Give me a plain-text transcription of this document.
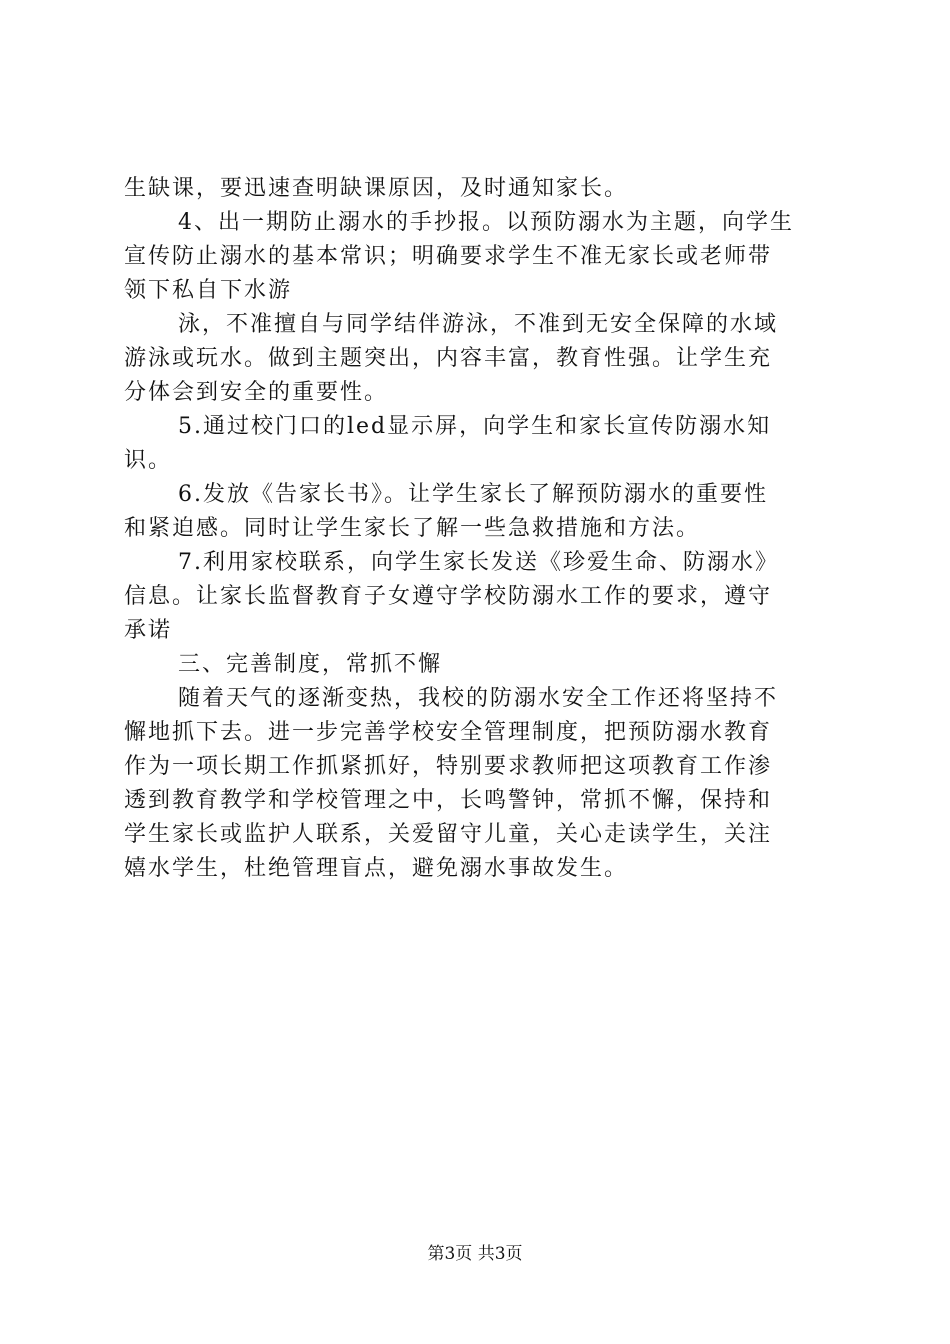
生缺课，要迅速查明缺课原因，及时通知家长。
4、出一期防止溺水的手抄报。以预防溺水为主题，向学生
宣传防止溺水的基本常识；明确要求学生不准无家长或老师带
领下私自下水游
泳，不准擅自与同学结伴游泳，不准到无安全保障的水域
游泳或玩水。做到主题突出，内容丰富，教育性强。让学生充
分体会到安全的重要性。
5.通过校门口的led显示屏，向学生和家长宣传防溺水知
识。
6.发放《告家长书》。让学生家长了解预防溺水的重要性
和紧迫感。同时让学生家长了解一些急救措施和方法。
7.利用家校联系，向学生家长发送《珍爱生命、防溺水》
信息。让家长监督教育子女遵守学校防溺水工作的要求，遵守
承诺
三、完善制度，常抓不懈
随着天气的逐渐变热，我校的防溺水安全工作还将坚持不
懈地抓下去。进一步完善学校安全管理制度，把预防溺水教育
作为一项长期工作抓紧抓好，特别要求教师把这项教育工作渗
透到教育教学和学校管理之中，长鸣警钟，常抓不懈，保持和
学生家长或监护人联系，关爱留守儿童，关心走读学生，关注
嬉水学生，杜绝管理盲点，避免溺水事故发生。
第3页 共3页
